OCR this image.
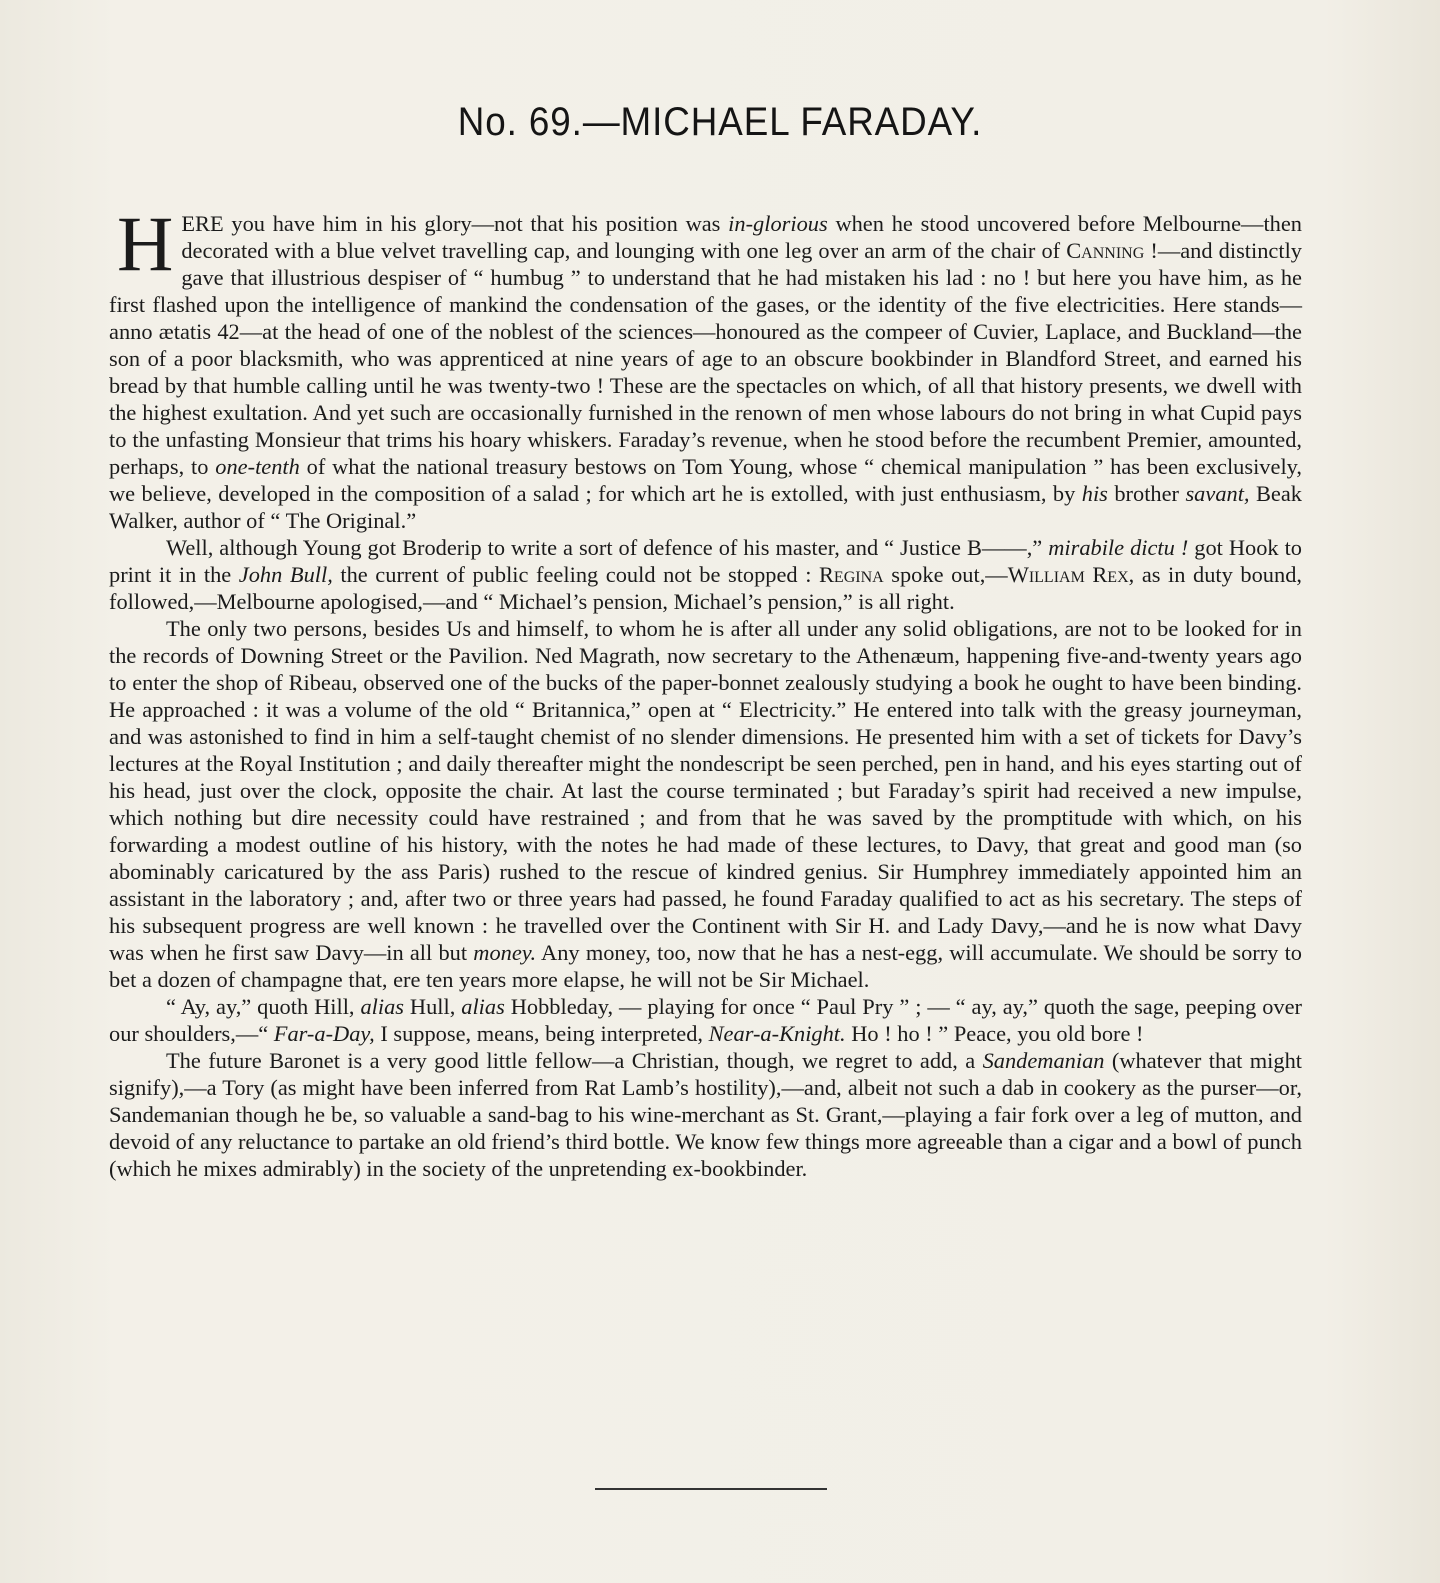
No. 69.—MICHAEL FARADAY.

HERE you have him in his glory—not that his position was in-glorious when he stood uncovered before Melbourne—then decorated with a blue velvet travelling cap, and lounging with one leg over an arm of the chair of Canning !—and distinctly gave that illustrious despiser of “ humbug ” to understand that he had mistaken his lad : no ! but here you have him, as he first flashed upon the intelligence of mankind the condensation of the gases, or the identity of the five electricities. Here stands—anno ætatis 42—at the head of one of the noblest of the sciences—honoured as the compeer of Cuvier, Laplace, and Buckland—the son of a poor blacksmith, who was apprenticed at nine years of age to an obscure bookbinder in Blandford Street, and earned his bread by that humble calling until he was twenty-two ! These are the spectacles on which, of all that history presents, we dwell with the highest exultation. And yet such are occasionally furnished in the renown of men whose labours do not bring in what Cupid pays to the unfasting Monsieur that trims his hoary whiskers. Faraday’s revenue, when he stood before the recumbent Premier, amounted, perhaps, to one-tenth of what the national treasury bestows on Tom Young, whose “ chemical manipulation ” has been exclusively, we believe, developed in the composition of a salad ; for which art he is extolled, with just enthusiasm, by his brother savant, Beak Walker, author of “ The Original.”

Well, although Young got Broderip to write a sort of defence of his master, and “ Justice B——,” mirabile dictu ! got Hook to print it in the John Bull, the current of public feeling could not be stopped : Regina spoke out,—William Rex, as in duty bound, followed,—Melbourne apologised,—and “ Michael’s pension, Michael’s pension,” is all right.

The only two persons, besides Us and himself, to whom he is after all under any solid obligations, are not to be looked for in the records of Downing Street or the Pavilion. Ned Magrath, now secretary to the Athenæum, happening five-and-twenty years ago to enter the shop of Ribeau, observed one of the bucks of the paper-bonnet zealously studying a book he ought to have been binding. He approached : it was a volume of the old “ Britannica,” open at “ Electricity.” He entered into talk with the greasy journeyman, and was astonished to find in him a self-taught chemist of no slender dimensions. He presented him with a set of tickets for Davy’s lectures at the Royal Institution ; and daily thereafter might the nondescript be seen perched, pen in hand, and his eyes starting out of his head, just over the clock, opposite the chair. At last the course terminated ; but Faraday’s spirit had received a new impulse, which nothing but dire necessity could have restrained ; and from that he was saved by the promptitude with which, on his forwarding a modest outline of his history, with the notes he had made of these lectures, to Davy, that great and good man (so abominably caricatured by the ass Paris) rushed to the rescue of kindred genius. Sir Humphrey immediately appointed him an assistant in the laboratory ; and, after two or three years had passed, he found Faraday qualified to act as his secretary. The steps of his subsequent progress are well known : he travelled over the Continent with Sir H. and Lady Davy,—and he is now what Davy was when he first saw Davy—in all but money. Any money, too, now that he has a nest-egg, will accumulate. We should be sorry to bet a dozen of champagne that, ere ten years more elapse, he will not be Sir Michael.

“ Ay, ay,” quoth Hill, alias Hull, alias Hobbleday, — playing for once “ Paul Pry ” ; — “ ay, ay,” quoth the sage, peeping over our shoulders,—“ Far-a-Day, I suppose, means, being interpreted, Near-a-Knight. Ho ! ho ! ” Peace, you old bore !

The future Baronet is a very good little fellow—a Christian, though, we regret to add, a Sandemanian (whatever that might signify),—a Tory (as might have been inferred from Rat Lamb’s hostility),—and, albeit not such a dab in cookery as the purser—or, Sandemanian though he be, so valuable a sand-bag to his wine-merchant as St. Grant,—playing a fair fork over a leg of mutton, and devoid of any reluctance to partake an old friend’s third bottle. We know few things more agreeable than a cigar and a bowl of punch (which he mixes admirably) in the society of the unpretending ex-bookbinder.
